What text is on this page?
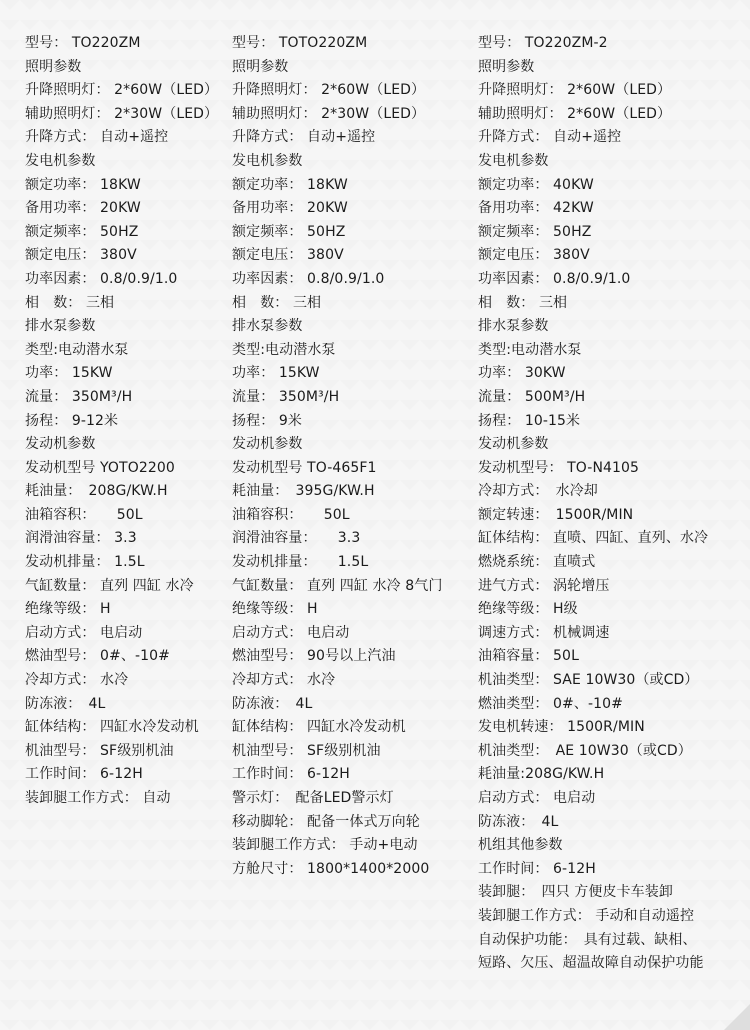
型号： TO220ZM
照明参数
升降照明灯： 2*60W（LED）
辅助照明灯： 2*30W（LED）
升降方式： 自动+遥控
发电机参数
额定功率： 18KW
备用功率： 20KW
额定频率： 50HZ
额定电压： 380V
功率因素： 0.8/0.9/1.0
相　数： 三相
排水泵参数
类型:电动潜水泵
功率： 15KW
流量： 350M³/H
扬程： 9-12米
发动机参数
发动机型号 YOTO2200
耗油量：　208G/KW.H
油箱容积：　　50L
润滑油容量： 3.3
发动机排量： 1.5L
气缸数量： 直列 四缸 水冷
绝缘等级： H
启动方式： 电启动
燃油型号： 0#、-10#
冷却方式： 水冷
防冻液：　4L
缸体结构： 四缸水冷发动机
机油型号： SF级别机油
工作时间： 6-12H
装卸腿工作方式： 自动
型号： TOTO220ZM
照明参数
升降照明灯： 2*60W（LED）
辅助照明灯： 2*30W（LED）
升降方式： 自动+遥控
发电机参数
额定功率： 18KW
备用功率： 20KW
额定频率： 50HZ
额定电压： 380V
功率因素： 0.8/0.9/1.0
相　数： 三相
排水泵参数
类型:电动潜水泵
功率： 15KW
流量： 350M³/H
扬程： 9米
发动机参数
发动机型号 TO-465F1
耗油量：　395G/KW.H
油箱容积：　　50L
润滑油容量：　　3.3
发动机排量：　　1.5L
气缸数量： 直列 四缸 水冷 8气门
绝缘等级： H
启动方式： 电启动
燃油型号： 90号以上汽油
冷却方式： 水冷
防冻液：　4L
缸体结构： 四缸水冷发动机
机油型号： SF级别机油
工作时间： 6-12H
警示灯：　配备LED警示灯
移动脚轮： 配备一体式万向轮
装卸腿工作方式： 手动+电动
方舱尺寸： 1800*1400*2000
型号： TO220ZM-2
照明参数
升降照明灯： 2*60W（LED）
辅助照明灯： 2*60W（LED）
升降方式： 自动+遥控
发电机参数
额定功率： 40KW
备用功率： 42KW
额定频率： 50HZ
额定电压： 380V
功率因素： 0.8/0.9/1.0
相　数： 三相
排水泵参数
类型:电动潜水泵
功率： 30KW
流量： 500M³/H
扬程： 10-15米
发动机参数
发动机型号： TO-N4105
冷却方式：　水冷却
额定转速：　1500R/MIN
缸体结构： 直喷、四缸、直列、水冷
燃烧系统： 直喷式
进气方式： 涡轮增压
绝缘等级： H级
调速方式： 机械调速
油箱容量： 50L
机油类型： SAE 10W30（或CD）
燃油类型： 0#、-10#
发电机转速： 1500R/MIN
机油类型：　AE 10W30（或CD）
耗油量:208G/KW.H
启动方式： 电启动
防冻液：　4L
机组其他参数
工作时间： 6-12H
装卸腿：　四只 方便皮卡车装卸
装卸腿工作方式： 手动和自动遥控
自动保护功能：　具有过载、缺相、
短路、欠压、超温故障自动保护功能
